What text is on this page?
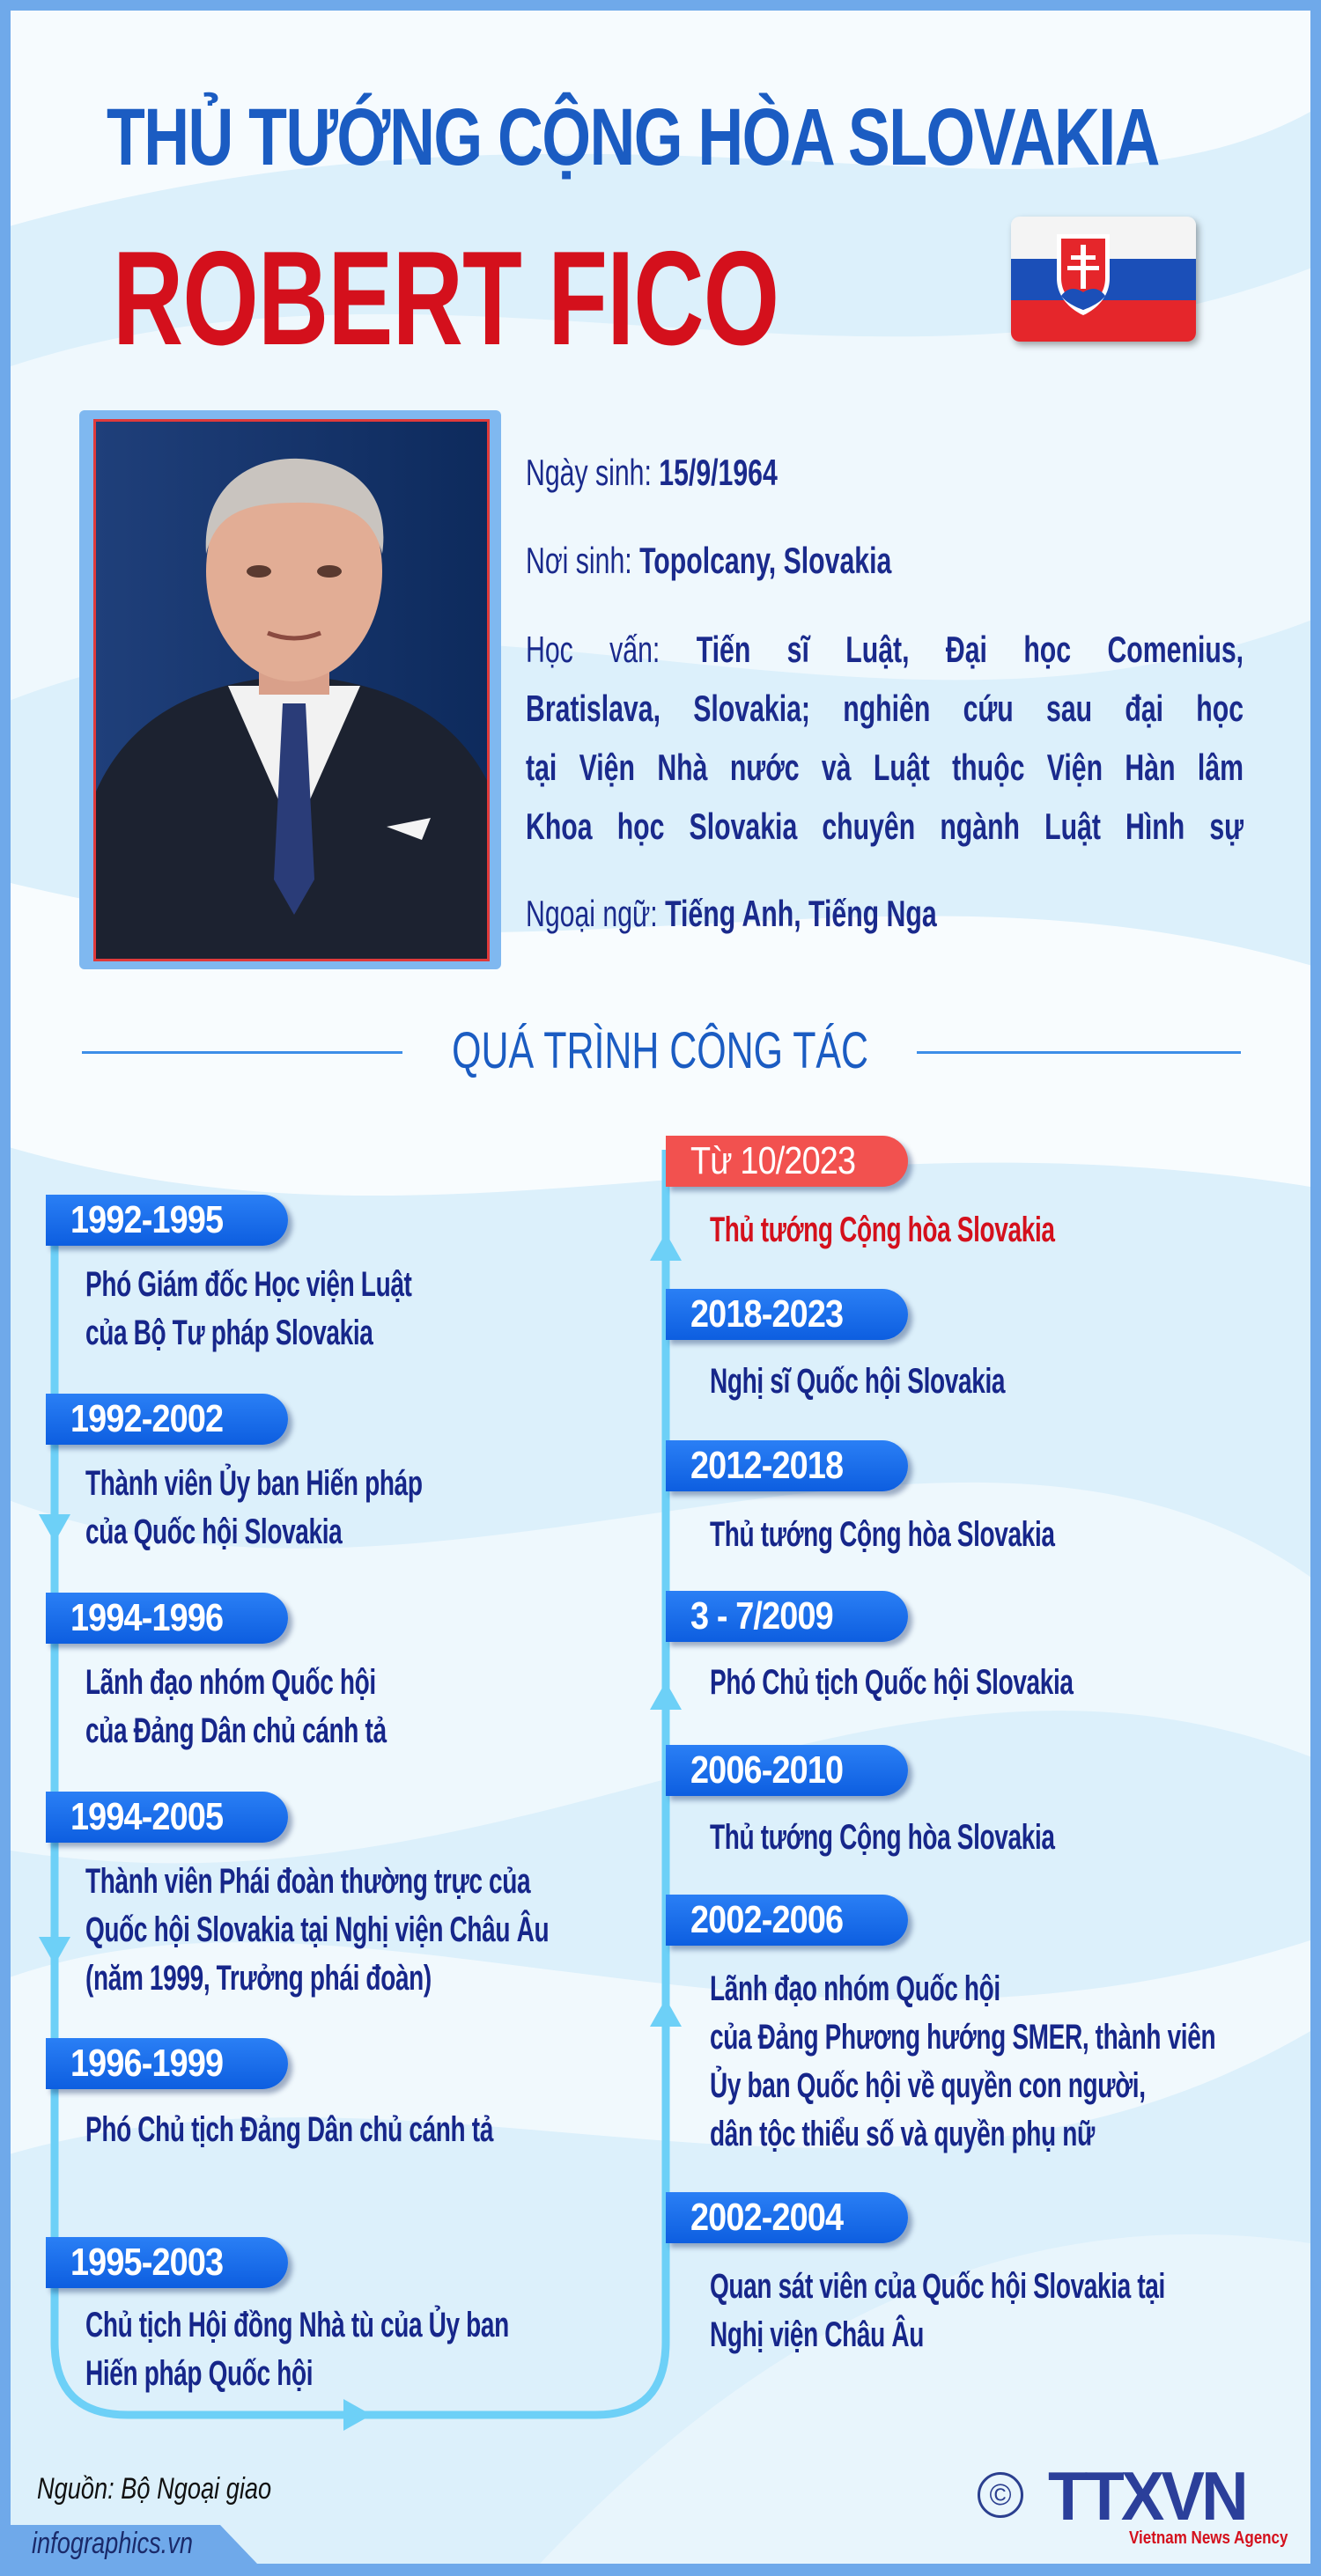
THỦ TƯỚNG CỘNG HÒA SLOVAKIA
ROBERT FICO
Ngày sinh: 15/9/1964
Nơi sinh: Topolcany, Slovakia
Học vấn: Tiến sĩ Luật, Đại học Comenius,
Bratislava, Slovakia; nghiên cứu sau đại học
tại Viện Nhà nước và Luật thuộc Viện Hàn lâm
Khoa học Slovakia chuyên ngành Luật Hình sự
Ngoại ngữ: Tiếng Anh, Tiếng Nga
QUÁ TRÌNH CÔNG TÁC
1992-1995
Phó Giám đốc Học viện Luật
của Bộ Tư pháp Slovakia
1992-2002
Thành viên Ủy ban Hiến pháp
của Quốc hội Slovakia
1994-1996
Lãnh đạo nhóm Quốc hội
của Đảng Dân chủ cánh tả
1994-2005
Thành viên Phái đoàn thường trực của
Quốc hội Slovakia tại Nghị viện Châu Âu
(năm 1999, Trưởng phái đoàn)
1996-1999
Phó Chủ tịch Đảng Dân chủ cánh tả
1995-2003
Chủ tịch Hội đồng Nhà tù của Ủy ban
Hiến pháp Quốc hội
Từ 10/2023
Thủ tướng Cộng hòa Slovakia
2018-2023
Nghị sĩ Quốc hội Slovakia
2012-2018
Thủ tướng Cộng hòa Slovakia
3 - 7/2009
Phó Chủ tịch Quốc hội Slovakia
2006-2010
Thủ tướng Cộng hòa Slovakia
2002-2006
Lãnh đạo nhóm Quốc hội
của Đảng Phương hướng SMER, thành viên
Ủy ban Quốc hội về quyền con người,
dân tộc thiểu số và quyền phụ nữ
2002-2004
Quan sát viên của Quốc hội Slovakia tại
Nghị viện Châu Âu
Nguồn: Bộ Ngoại giao
infographics.vn
© TTXVN
Vietnam News Agency
